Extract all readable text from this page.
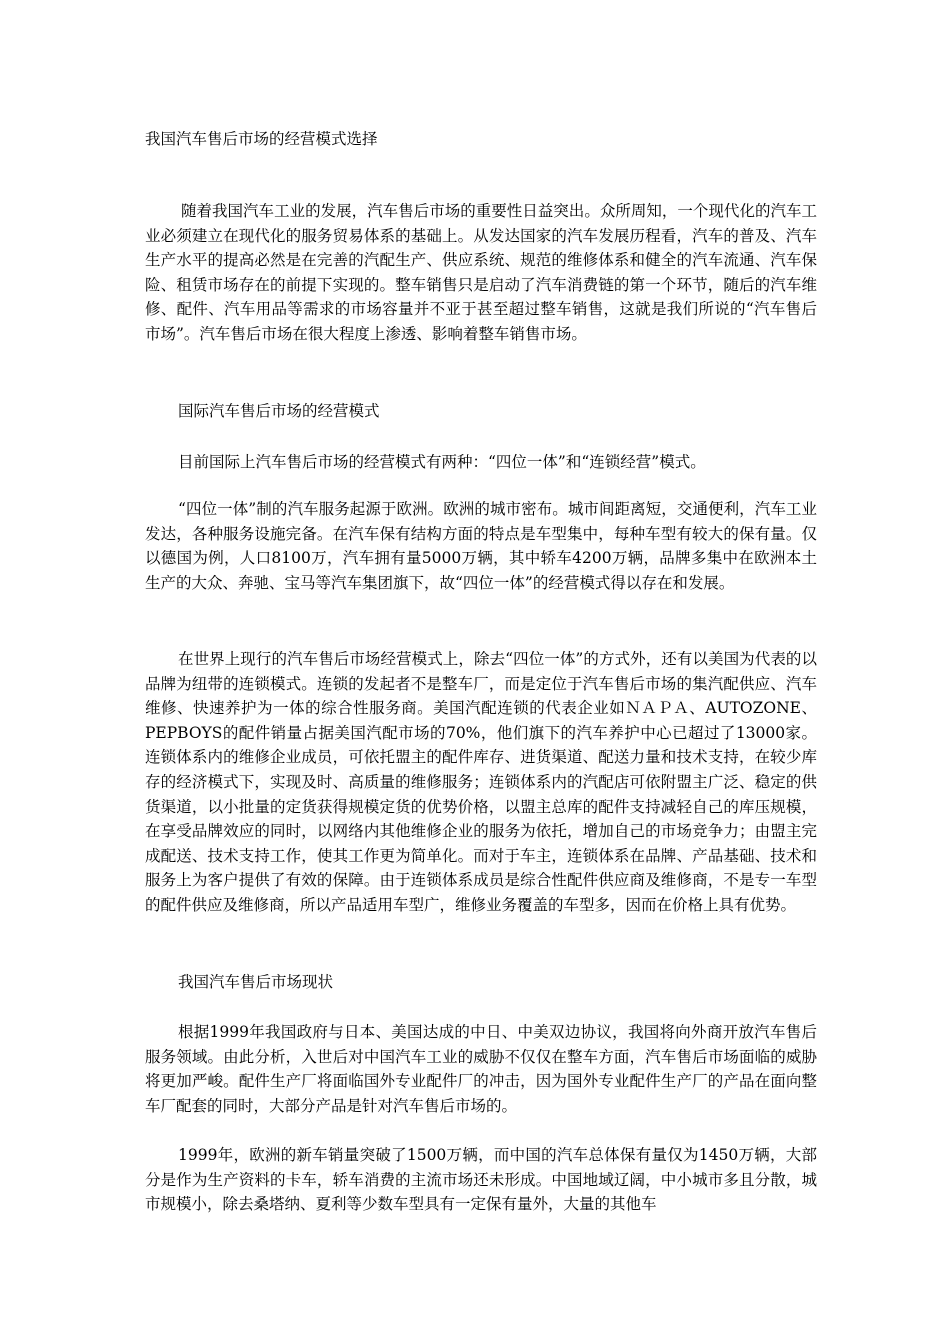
我国汽车售后市场的经营模式选择

随着我国汽车工业的发展，汽车售后市场的重要性日益突出。众所周知，一个现代化的汽车工业必须建立在现代化的服务贸易体系的基础上。从发达国家的汽车发展历程看，汽车的普及、汽车生产水平的提高必然是在完善的汽配生产、供应系统、规范的维修体系和健全的汽车流通、汽车保险、租赁市场存在的前提下实现的。整车销售只是启动了汽车消费链的第一个环节，随后的汽车维修、配件、汽车用品等需求的市场容量并不亚于甚至超过整车销售，这就是我们所说的“汽车售后市场”。汽车售后市场在很大程度上渗透、影响着整车销售市场。

国际汽车售后市场的经营模式

目前国际上汽车售后市场的经营模式有两种：“四位一体”和“连锁经营”模式。

“四位一体”制的汽车服务起源于欧洲。欧洲的城市密布。城市间距离短，交通便利，汽车工业发达，各种服务设施完备。在汽车保有结构方面的特点是车型集中，每种车型有较大的保有量。仅以德国为例，人口8100万，汽车拥有量5000万辆，其中轿车4200万辆，品牌多集中在欧洲本土生产的大众、奔驰、宝马等汽车集团旗下，故“四位一体”的经营模式得以存在和发展。

在世界上现行的汽车售后市场经营模式上，除去“四位一体”的方式外，还有以美国为代表的以品牌为纽带的连锁模式。连锁的发起者不是整车厂，而是定位于汽车售后市场的集汽配供应、汽车维修、快速养护为一体的综合性服务商。美国汽配连锁的代表企业如ＮＡＰＡ、AUTOZONE、PEPBOYS的配件销量占据美国汽配市场的70%，他们旗下的汽车养护中心已超过了13000家。连锁体系内的维修企业成员，可依托盟主的配件库存、进货渠道、配送力量和技术支持，在较少库存的经济模式下，实现及时、高质量的维修服务；连锁体系内的汽配店可依附盟主广泛、稳定的供货渠道，以小批量的定货获得规模定货的优势价格，以盟主总库的配件支持减轻自己的库压规模，在享受品牌效应的同时，以网络内其他维修企业的服务为依托，增加自己的市场竞争力；由盟主完成配送、技术支持工作，使其工作更为简单化。而对于车主，连锁体系在品牌、产品基础、技术和服务上为客户提供了有效的保障。由于连锁体系成员是综合性配件供应商及维修商，不是专一车型的配件供应及维修商，所以产品适用车型广，维修业务覆盖的车型多，因而在价格上具有优势。

我国汽车售后市场现状

根据1999年我国政府与日本、美国达成的中日、中美双边协议，我国将向外商开放汽车售后服务领域。由此分析，入世后对中国汽车工业的威胁不仅仅在整车方面，汽车售后市场面临的威胁将更加严峻。配件生产厂将面临国外专业配件厂的冲击，因为国外专业配件生产厂的产品在面向整车厂配套的同时，大部分产品是针对汽车售后市场的。

1999年，欧洲的新车销量突破了1500万辆，而中国的汽车总体保有量仅为1450万辆，大部分是作为生产资料的卡车，轿车消费的主流市场还未形成。中国地域辽阔，中小城市多且分散，城市规模小，除去桑塔纳、夏利等少数车型具有一定保有量外，大量的其他车
